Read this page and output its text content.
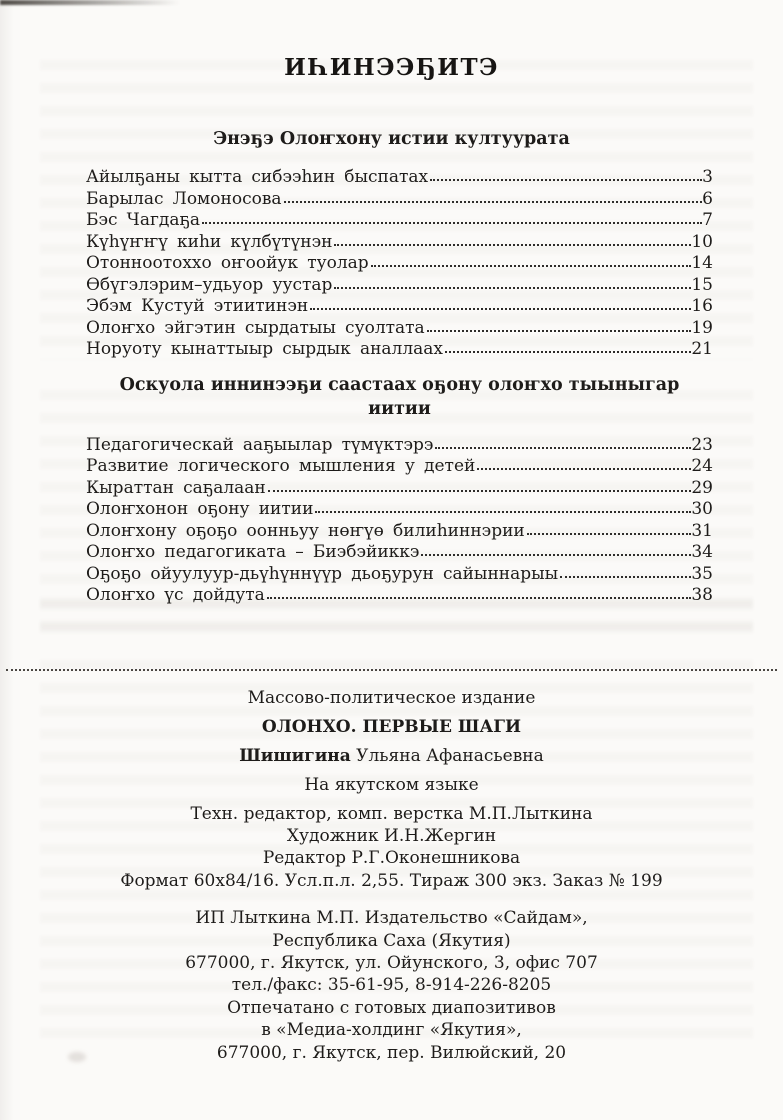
ИҺИНЭЭҔИТЭ
Энэҕэ Олоҥхону истии култуурата
Айылҕаны кытта сибээһин быспатах	3
Барылас Ломоносова	6
Бэс Чагдаҕа	7
Күһүҥҥү киһи күлбүтүнэн	10
Отонноотоххо оҥоойук туолар	14
Өбүгэлэрим–удьуор уустар	15
Эбэм Кустуй этиитинэн	16
Олоҥхо эйгэтин сырдатыы суолтата	19
Норуоту кынаттыыр сырдык аналлаах	21
Оскуола иннинээҕи саастаах оҕону олоҥхо тыыныгар иитии
Педагогическай ааҕыылар түмүктэрэ	23
Развитие логического мышления у детей	24
Кыраттан саҕалаан	29
Олоҥхонон оҕону иитии	30
Олоҥхону оҕоҕо оонньуу нөҥүө билиһиннэрии	31
Олоҥхо педагогиката – Биэбэйиккэ	34
Оҕоҕо ойуулуур-дьүһүннүүр дьоҕурун сайыннарыы	35
Олоҥхо үс дойдута	38
Массово-политическое издание
ОЛОНХО. ПЕРВЫЕ ШАГИ
Шишигина Ульяна Афанасьевна
На якутском языке
Техн. редактор, комп. верстка М.П.Лыткина
Художник И.Н.Жергин
Редактор Р.Г.Оконешникова
Формат 60х84/16. Усл.п.л. 2,55. Тираж 300 экз. Заказ № 199
ИП Лыткина М.П. Издательство «Сайдам»,
Республика Саха (Якутия)
677000, г. Якутск, ул. Ойунского, 3, офис 707
тел./факс: 35-61-95, 8-914-226-8205
Отпечатано с готовых диапозитивов
в «Медиа-холдинг «Якутия»,
677000, г. Якутск, пер. Вилюйский, 20
